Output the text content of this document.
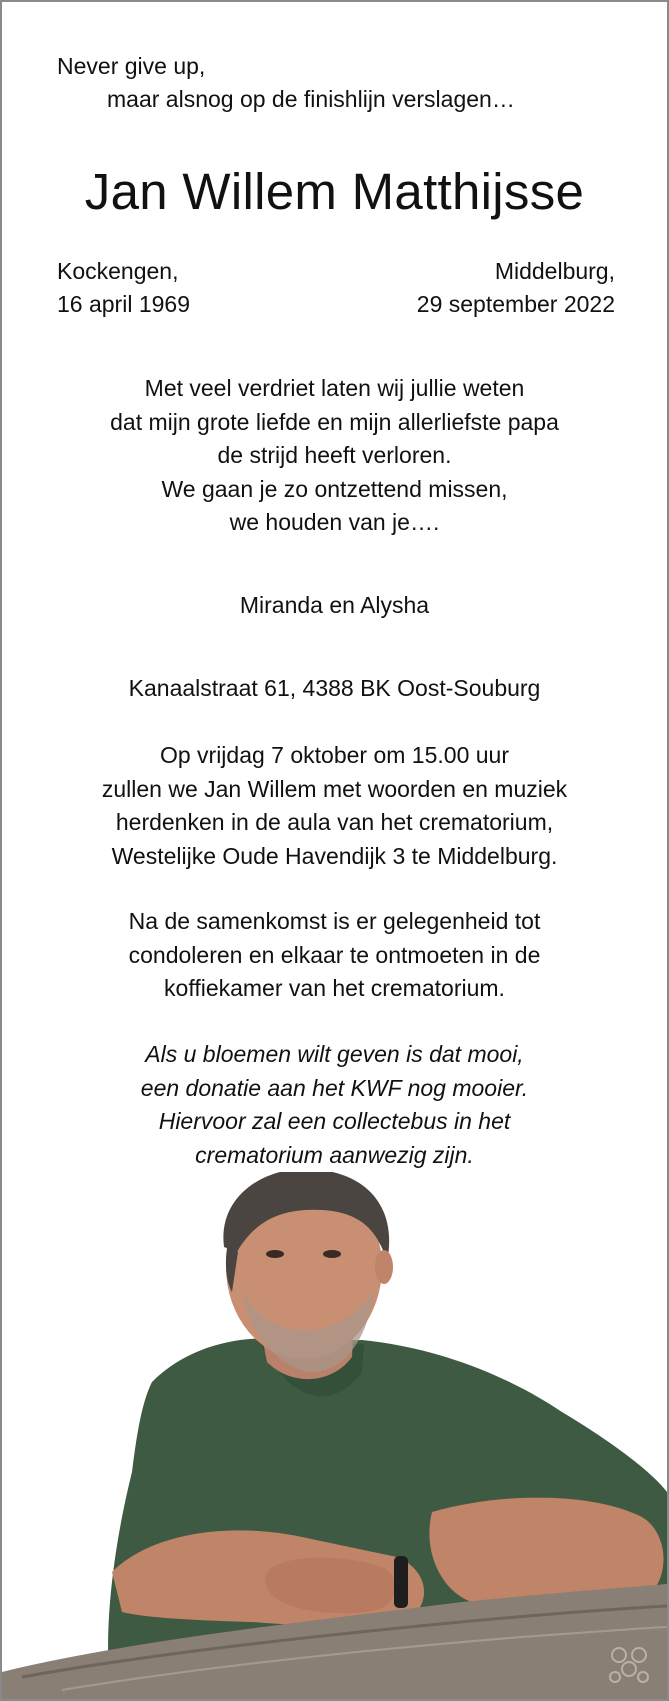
Never give up,
maar alsnog op de finishlijn verslagen…
Jan Willem Matthijsse
Kockengen,
16 april 1969
Middelburg,
29 september 2022
Met veel verdriet laten wij jullie weten
dat mijn grote liefde en mijn allerliefste papa
de strijd heeft verloren.
We gaan je zo ontzettend missen,
we houden van je….
Miranda en Alysha
Kanaalstraat 61, 4388 BK Oost-Souburg
Op vrijdag 7 oktober om 15.00 uur
zullen we Jan Willem met woorden en muziek
herdenken in de aula van het crematorium,
Westelijke Oude Havendijk 3 te Middelburg.
Na de samenkomst is er gelegenheid tot
condoleren en elkaar te ontmoeten in de
koffiekamer van het crematorium.
Als u bloemen wilt geven is dat mooi,
een donatie aan het KWF nog mooier.
Hiervoor zal een collectebus in het
crematorium aanwezig zijn.
